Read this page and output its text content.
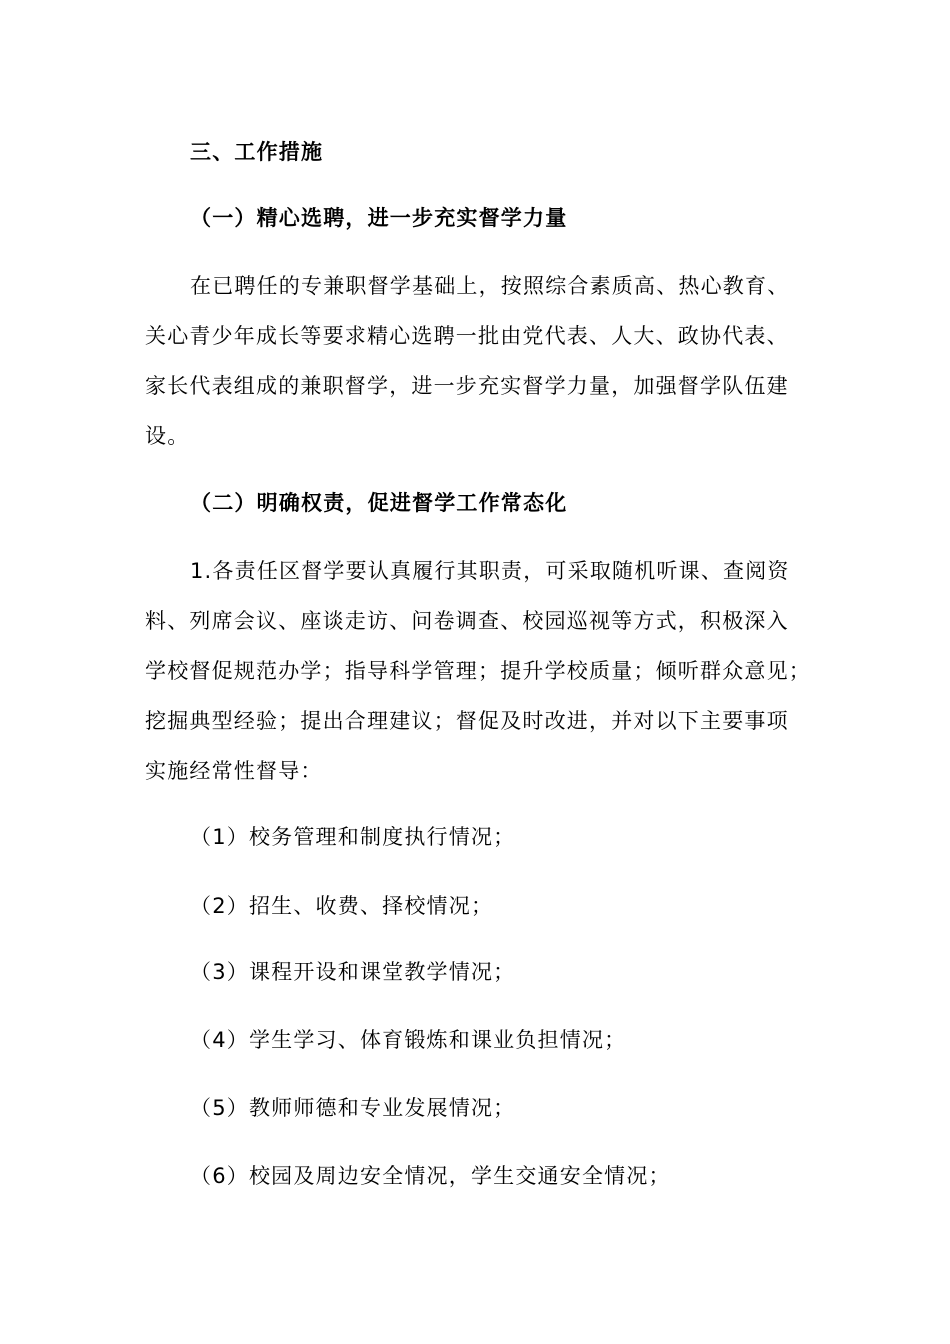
三、工作措施
（一）精心选聘，进一步充实督学力量
在已聘任的专兼职督学基础上，按照综合素质高、热心教育、
关心青少年成长等要求精心选聘一批由党代表、人大、政协代表、
家长代表组成的兼职督学，进一步充实督学力量，加强督学队伍建
设。
（二）明确权责，促进督学工作常态化
1.各责任区督学要认真履行其职责，可采取随机听课、查阅资
料、列席会议、座谈走访、问卷调查、校园巡视等方式，积极深入
学校督促规范办学；指导科学管理；提升学校质量；倾听群众意见；
挖掘典型经验；提出合理建议；督促及时改进，并对以下主要事项
实施经常性督导：
（1）校务管理和制度执行情况；
（2）招生、收费、择校情况；
（3）课程开设和课堂教学情况；
（4）学生学习、体育锻炼和课业负担情况；
（5）教师师德和专业发展情况；
（6）校园及周边安全情况，学生交通安全情况；
